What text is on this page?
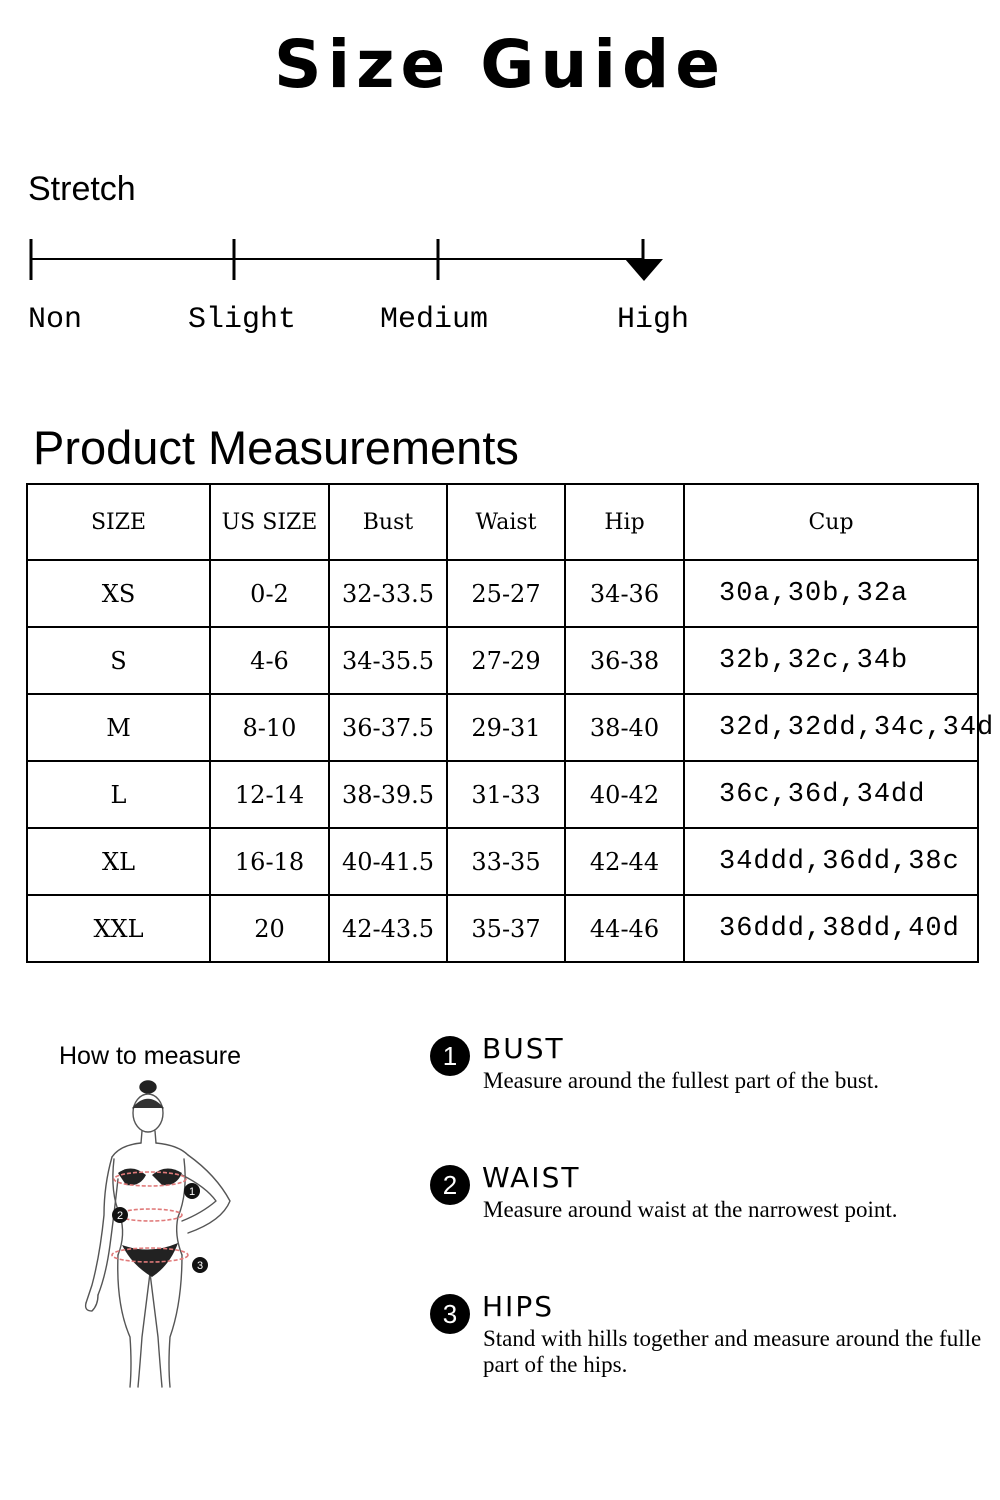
Size Guide
Stretch
Non	Slight	Medium	High
Product Measurements
SIZE	US SIZE	Bust	Waist	Hip	Cup
XS	0-2	32-33.5	25-27	34-36	30a,30b,32a
S	4-6	34-35.5	27-29	36-38	32b,32c,34b
M	8-10	36-37.5	29-31	38-40	32d,32dd,34c,34d
L	12-14	38-39.5	31-33	40-42	36c,36d,34dd
XL	16-18	40-41.5	33-35	42-44	34ddd,36dd,38c
XXL	20	42-43.5	35-37	44-46	36ddd,38dd,40d
How to measure
1
2
3
1 BUST
Measure around the fullest part of the bust.
2 WAIST
Measure around waist at the narrowest point.
3 HIPS
Stand with hills together and measure around the fulle part of the hips.
